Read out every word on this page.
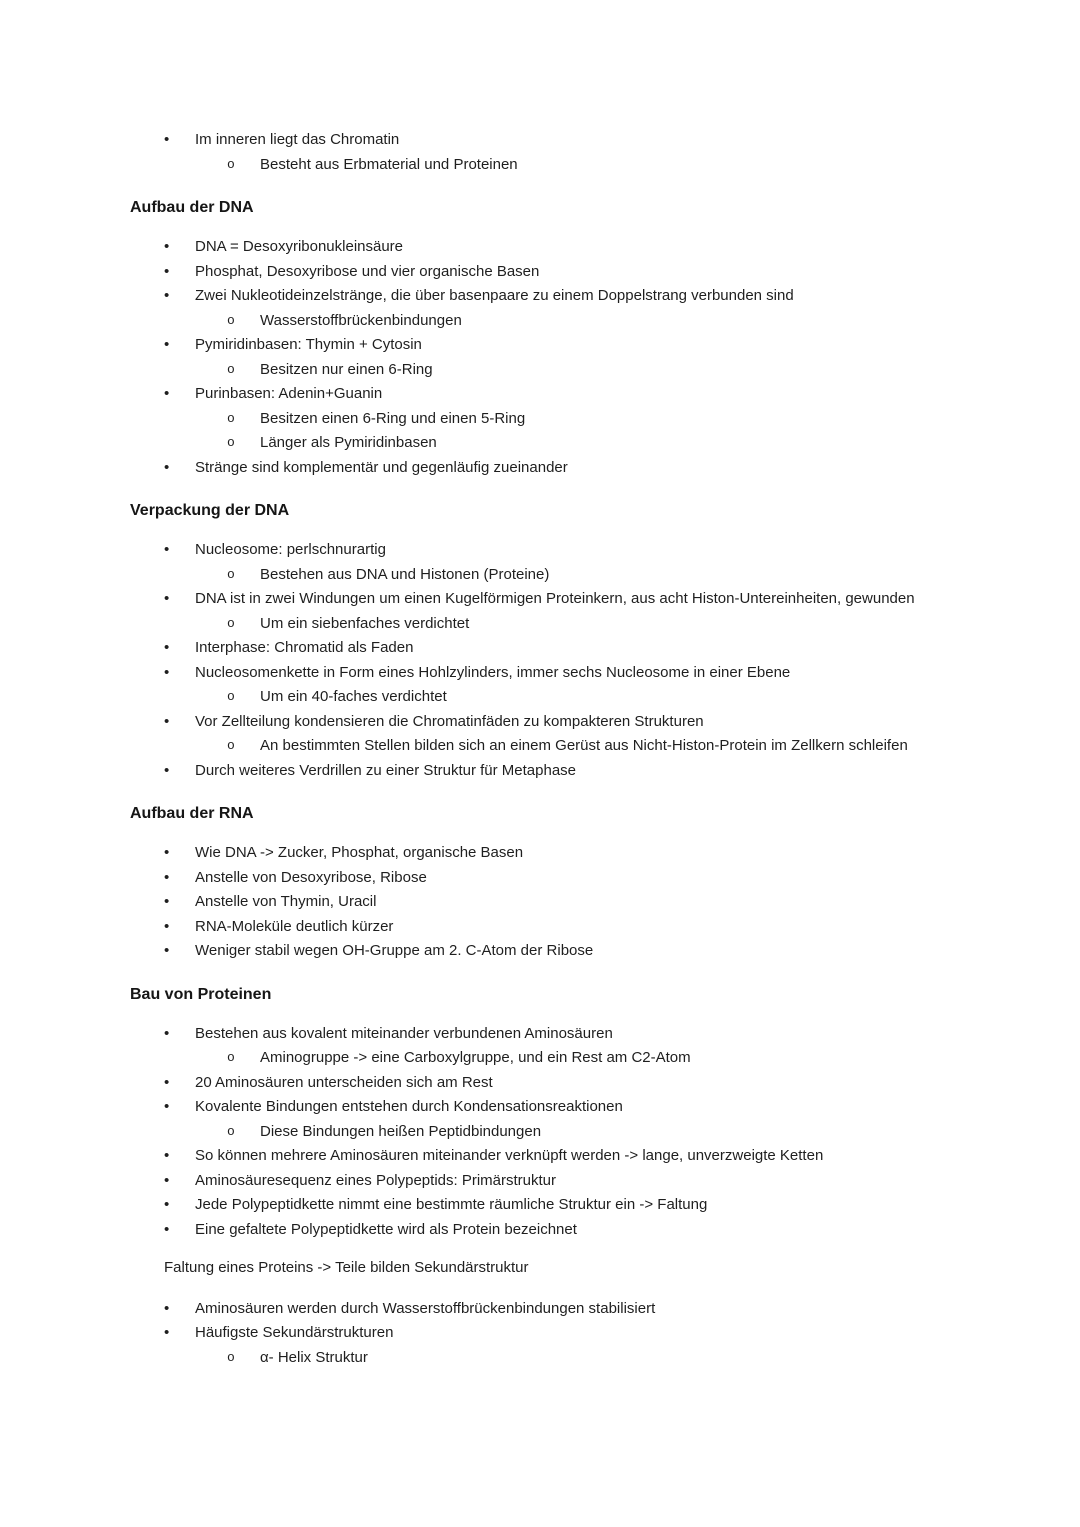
•	Im inneren liegt das Chromatin
o	Besteht aus Erbmaterial und Proteinen
Aufbau der DNA
•	DNA = Desoxyribonukleinsäure
•	Phosphat, Desoxyribose und vier organische Basen
•	Zwei Nukleotideinzelstränge, die über basenpaare zu einem Doppelstrang verbunden sind
o	Wasserstoffbrückenbindungen
•	Pymiridinbasen: Thymin + Cytosin
o	Besitzen nur einen 6-Ring
•	Purinbasen: Adenin+Guanin
o	Besitzen einen 6-Ring und einen 5-Ring
o	Länger als Pymiridinbasen
•	Stränge sind komplementär und gegenläufig zueinander
Verpackung der DNA
•	Nucleosome: perlschnurartig
o	Bestehen aus DNA und Histonen (Proteine)
•	DNA ist in zwei Windungen um einen Kugelförmigen Proteinkern, aus acht Histon-Untereinheiten, gewunden
o	Um ein siebenfaches verdichtet
•	Interphase: Chromatid als Faden
•	Nucleosomenkette in Form eines Hohlzylinders, immer sechs Nucleosome in einer Ebene
o	Um ein 40-faches verdichtet
•	Vor Zellteilung kondensieren die Chromatinfäden zu kompakteren Strukturen
o	An bestimmten Stellen bilden sich an einem Gerüst aus Nicht-Histon-Protein im Zellkern schleifen
•	Durch weiteres Verdrillen zu einer Struktur für Metaphase
Aufbau der RNA
•	Wie DNA -> Zucker, Phosphat, organische Basen
•	Anstelle von Desoxyribose, Ribose
•	Anstelle von Thymin, Uracil
•	RNA-Moleküle deutlich kürzer
•	Weniger stabil wegen OH-Gruppe am 2. C-Atom der Ribose
Bau von Proteinen
•	Bestehen aus kovalent miteinander verbundenen Aminosäuren
o	Aminogruppe -> eine Carboxylgruppe, und ein Rest am C2-Atom
•	20 Aminosäuren unterscheiden sich am Rest
•	Kovalente Bindungen entstehen durch Kondensationsreaktionen
o	Diese Bindungen heißen Peptidbindungen
•	So können mehrere Aminosäuren miteinander verknüpft werden -> lange, unverzweigte Ketten
•	Aminosäuresequenz eines Polypeptids: Primärstruktur
•	Jede Polypeptidkette nimmt eine bestimmte räumliche Struktur ein -> Faltung
•	Eine gefaltete Polypeptidkette wird als Protein bezeichnet

Faltung eines Proteins -> Teile bilden Sekundärstruktur

•	Aminosäuren werden durch Wasserstoffbrückenbindungen stabilisiert
•	Häufigste Sekundärstrukturen
o	α- Helix Struktur
